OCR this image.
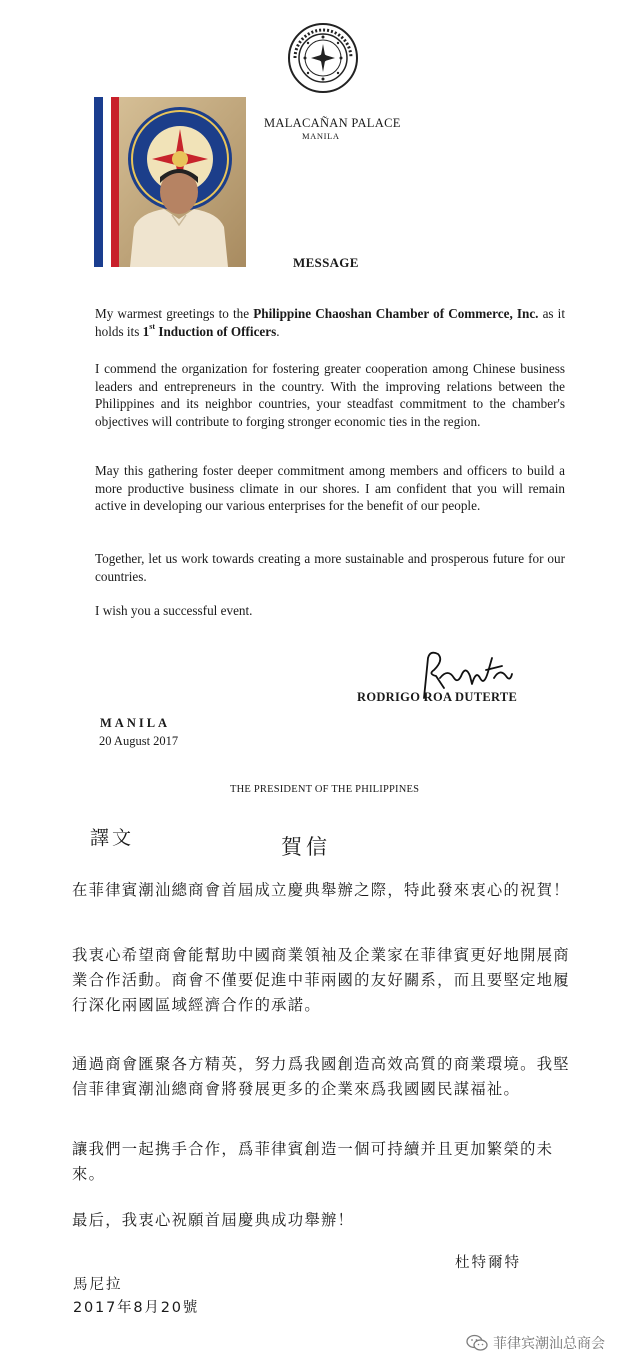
MALACAÑAN PALACE
MANILA
MESSAGE

My warmest greetings to the Philippine Chaoshan Chamber of Commerce, Inc. as it holds its 1st Induction of Officers.

I commend the organization for fostering greater cooperation among Chinese business leaders and entrepreneurs in the country. With the improving relations between the Philippines and its neighbor countries, your steadfast commitment to the chamber's objectives will contribute to forging stronger economic ties in the region.

May this gathering foster deeper commitment among members and officers to build a more productive business climate in our shores. I am confident that you will remain active in developing our various enterprises for the benefit of our people.

Together, let us work towards creating a more sustainable and prosperous future for our countries.

I wish you a successful event.

RODRIGO ROA DUTERTE
MANILA
20 August 2017
THE PRESIDENT OF THE PHILIPPINES
譯文	賀信

在菲律賓潮汕總商會首屆成立慶典舉辦之際，特此發來衷心的祝賀！

我衷心希望商會能幫助中國商業領袖及企業家在菲律賓更好地開展商業合作活動。商會不僅要促進中菲兩國的友好關系，而且要堅定地履行深化兩國區域經濟合作的承諾。

通過商會匯聚各方精英，努力爲我國創造高效高質的商業環境。我堅信菲律賓潮汕總商會將發展更多的企業來爲我國國民謀福祉。

讓我們一起携手合作，爲菲律賓創造一個可持續并且更加繁榮的未來。

最后，我衷心祝願首屆慶典成功舉辦！

杜特爾特
馬尼拉
2017年8月20號
菲律宾潮汕总商会
